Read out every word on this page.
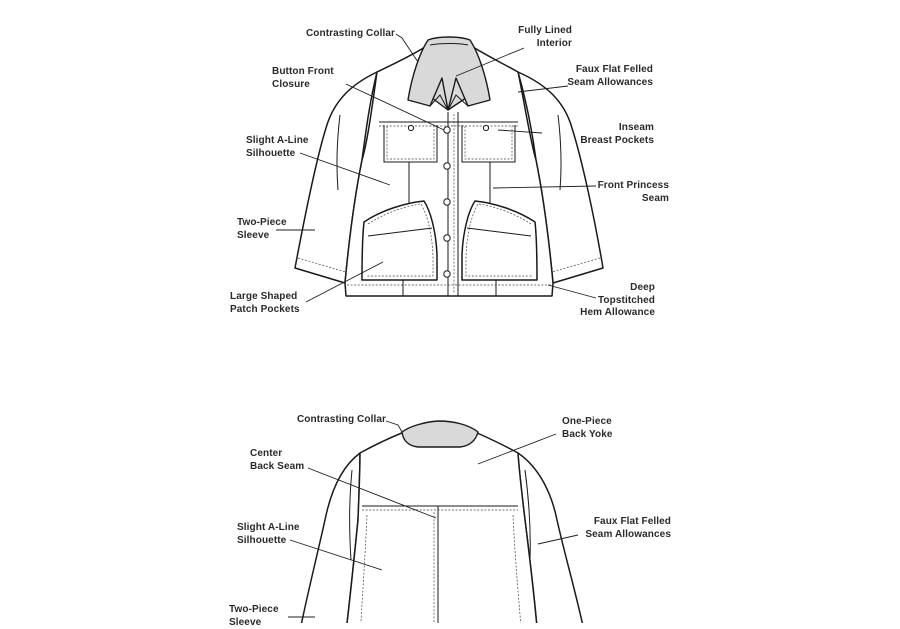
Contrasting Collar	Fully Lined
Interior
Button Front
Closure
Faux Flat Felled
Seam Allowances
Inseam
Breast Pockets
Slight A-Line
Silhouette
Front Princess
Seam
Two-Piece
Sleeve
Large Shaped
Patch Pockets
Deep
Topstitched
Hem Allowance
Contrasting Collar	One-Piece
Back Yoke
Center
Back Seam
Faux Flat Felled
Seam Allowances
Slight A-Line
Silhouette
Two-Piece
Sleeve
